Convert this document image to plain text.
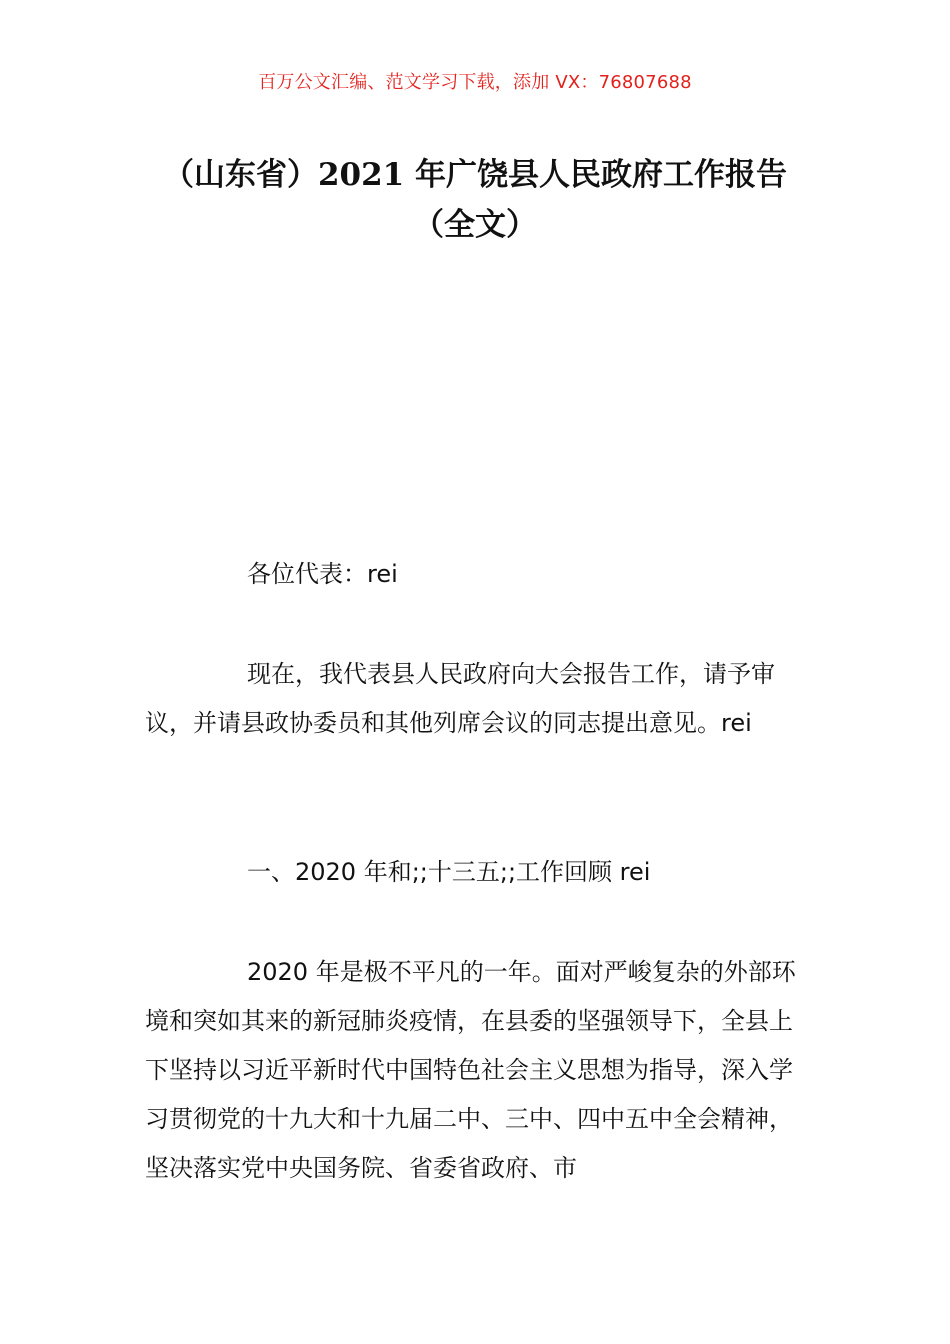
百万公文汇编、范文学习下载，添加 VX：76807688
（山东省）2021 年广饶县人民政府工作报告（全文）
各位代表：rei
现在，我代表县人民政府向大会报告工作，请予审议，并请县政协委员和其他列席会议的同志提出意见。rei
一、2020 年和;;十三五;;工作回顾 rei
2020 年是极不平凡的一年。面对严峻复杂的外部环境和突如其来的新冠肺炎疫情，在县委的坚强领导下，全县上下坚持以习近平新时代中国特色社会主义思想为指导，深入学习贯彻党的十九大和十九届二中、三中、四中五中全会精神，坚决落实党中央国务院、省委省政府、市
